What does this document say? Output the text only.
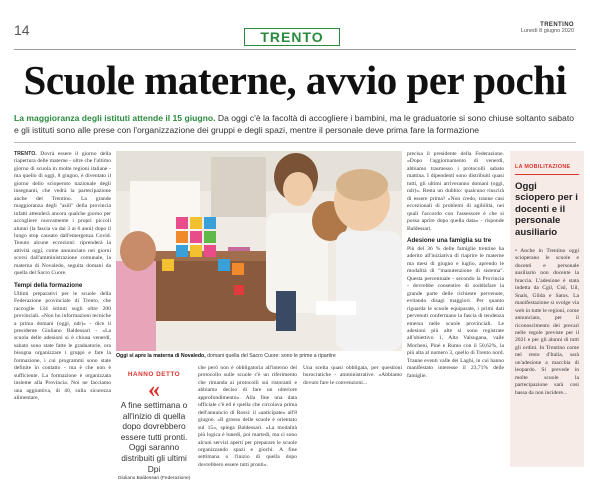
14	TRENTO
TRENTINO
Lunedì 8 giugno 2020
Scuole materne, avvio per pochi
La maggioranza degli istituti attende il 15 giugno. Da oggi c'è la facoltà di accogliere i bambini, ma le graduatorie si sono chiuse soltanto sabato e gli istituti sono alle prese con l'organizzazione dei gruppi e degli spazi, mentre il personale deve prima fare la formazione

TRENTO. Dovrà essere il giorno della riapertura delle materne - oltre che l'ultimo giorno di scuola in molte regioni italiane - ma quello di oggi, 8 giugno, è diventato il giorno dello scioperoto nazionale degli insegnanti, che vedrà la partecipazione anche del Trentino. La grande maggioranza degli "asili" della provincia infatti attenderà ancora qualche giorno per accogliere nuovamente i propri piccoli alunni (la fascia va dai 3 ai 6 anni) dopo il lungo stop causato dall'emergenza Covid. Tenuto alcune eccezioni: riprenderà la attività oggi, come annunciato nei giorni scorsi dall'amministrazione comunale, la materna di Novaledo, seguita domani da quella del Sacro Cuore.

Tempi della formazione

Ultimi preparativi per le scuole della Federazione provinciale di Trento, che raccoglie 134 istituti sugli oltre 200 provinciali. «Non ho informazioni tecniche a prima domani (oggi, ndr)» - dice il presidente Giuliano Baldessari - «La scuola delle adesioni si è chiusa venerdì, sabato sono state fatte le graduatorie, ora bisogna organizzare i gruppi e fare la formazione, i cui programmi sono state definite in contatto - ma è che non è sufficiente. La formazione è organizzata insieme alla Provincia. Noi ne facciamo una aggiuntiva, di 40, sulla sicurezza alimentare,

Oggi si apre la materna di Novaledo, domani quella del Sacro Cuore: sono le prime a ripartire
HANNO DETTO
«
A fine settimana o all'inizio di quella dopo dovrebbero essere tutti pronti. Oggi saranno distribuiti gli ultimi Dpi
Giuliano Baldessari (Federazione)

che però non è obbligatoria all'interno del protocollo sulle scuole c'è un riferimento che rimanda ai protocolli sui ristoranti e abbiamo deciso di fare un ulteriore approfondimento». Alla fine una data ufficiale c'è ed è quella che circolava prima dell'annuncio di Rossi: il «anticipate» all'8 giugno. «Il grosso delle scuole è orientato sul 15», spiega Baldessari. «La modalità più logica è lunedì, poi martedì, ma ci sono alcuni servizi aperti per preparare le scuole organizzando spazi e giochi. A fine settimana o l'inizio di quella dopo dovrebbero essere tutti pronti».

Una scelta quasi obbligata, per questioni burocratiche - amministrative. «Abbiamo dovuto fare le convenzioni...

precisa il presidente della Federazione. «Dopo l'aggiornamento di venerdì, abbiamo trasmesso i protocolli sabato mattina. I dipendenti sono distribuiti quasi tutti, gli ultimi arriveranno domani (oggi, ndr)». Resta un dubbio: qualcuno riuscirà di essere prima? «Non credo, tranne casi eccezionali di problemi di agibilità, nei quali l'accordo con l'assessore è che si possa aprire dopo quella data» - risponde Baldessari.

Adesione una famiglia su tre

Più del 36 % delle famiglie trentine ha aderito all'iniziativa di riaprire le materne ma mesi di giugno e luglio, aprendo le modalità di "manutenzione di sistema". Questa percentuale - secondo la Provincia - dovrebbe consentire di soddisfare la grande parte delle richieste pervenute, evitando disagi maggiori. Per quanto riguarda le scuole equiparate, i primi dati pervenuti confermano la fascia di tendenza emersa nelle scuole provinciali. Le adesioni più alte si sono registrate all'obiettivo 1, Alta Valsugana, valle Mocheni, Pinè e Rumo con il 50,62%, la più alta al numero 3, quello di Trento nord. Tranne eventi valle dei Laghi, in cui hanno manifestato interesse il 23,71% delle famiglie.

LA MOBILITAZIONE
Oggi sciopero per i docenti e il personale ausiliario

• Anche in Trentino oggi scioperano le scuole e docenti e personale ausiliario non docente la braccia. L'adesione è stata indetta da Cgil, Cisl, Uil, Snals, Gilda e Satos. La manifestazione si svolge via web in tutte le regioni, come annunciato, per il riconoscimento dei precari nelle regole previste per il 2021 e per gli alunni di tutti gli ordini. In Trentino come nel resto d'Italia, sarà un'adesione a macchia di leopardo. Si prevede in molte scuole la partecipazione sarà così bassa da non incidere...
